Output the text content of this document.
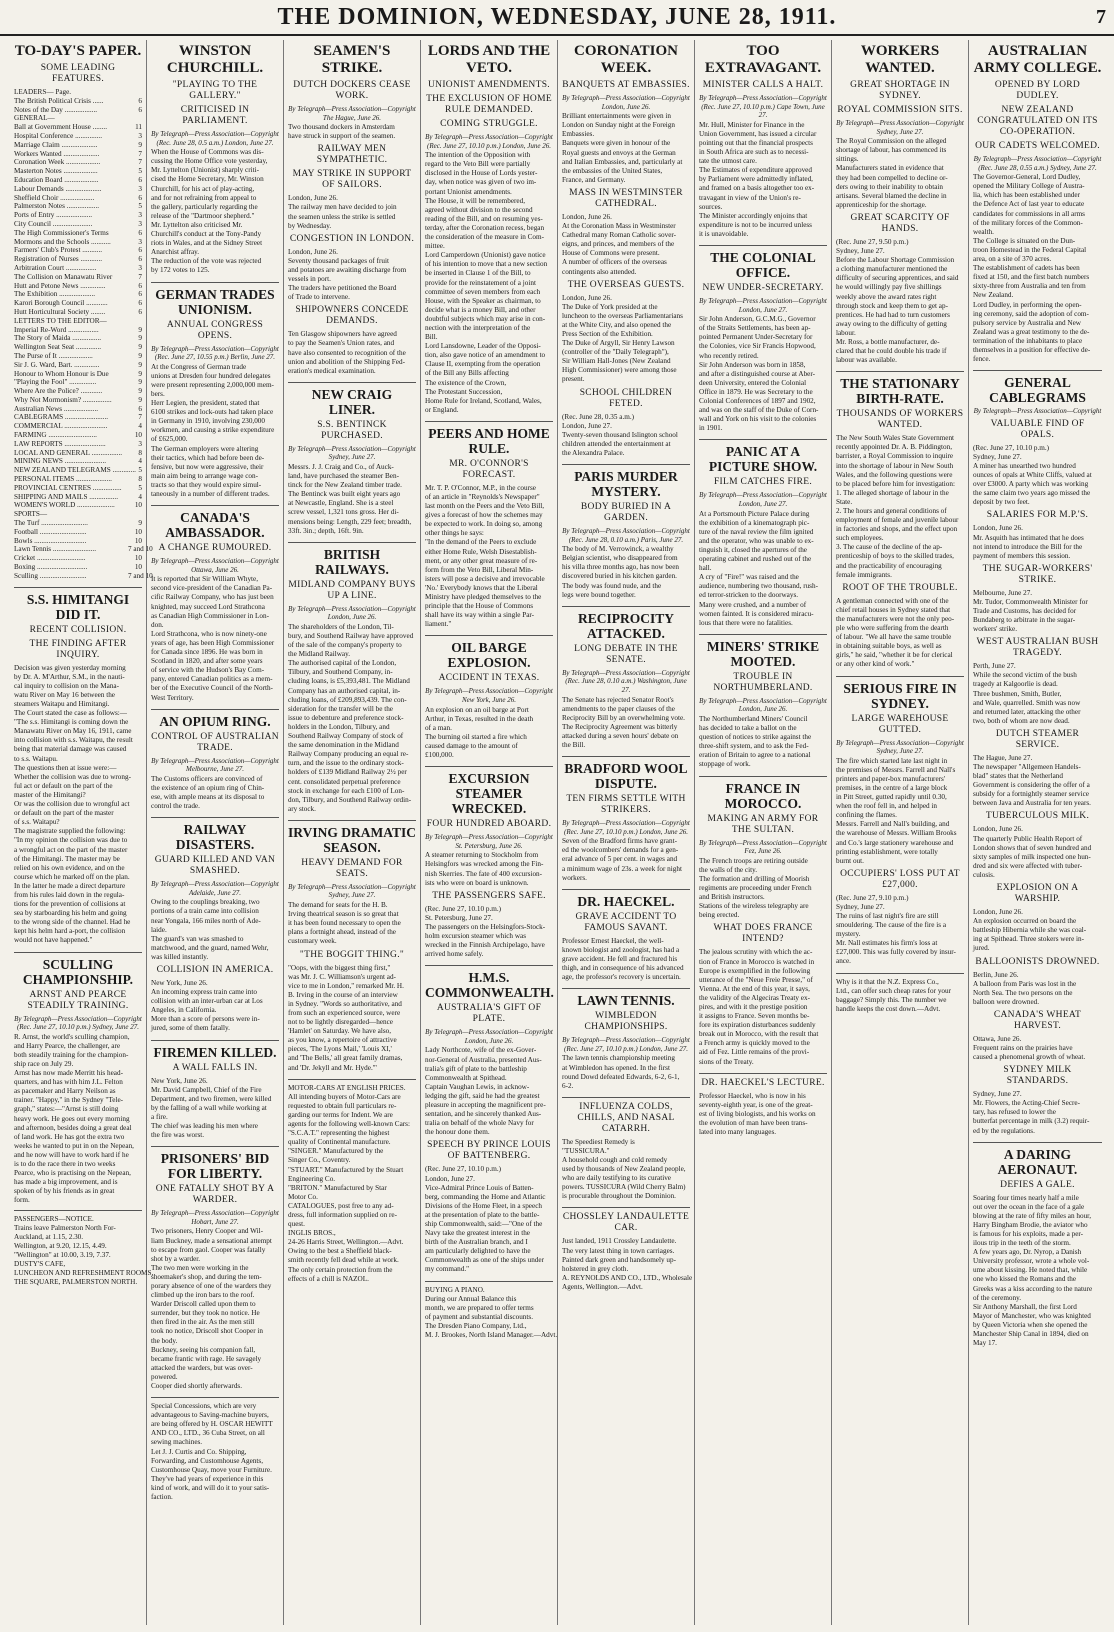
THE DOMINION, WEDNESDAY, JUNE 28, 1911.	7
TO-DAY'S PAPER.
SOME LEADING FEATURES.
LEADERS— Page.
The British Political Crisis ......	6
Notes of the Day ..................	6
GENERAL—
Ball at Government House ........	11
Hospital Conference ...............	3
Marriage Claim ....................	9
Workers Wanted ....................	7
Coronation Week ...................	7
Masterton Notes ...................	5
Education Board ...................	6
Labour Demands ....................	3
Sheffield Choir ...................	6
Palmerston Notes ..................	5
Ports of Entry ....................	3
City Council ......................	3
The High Commissioner's Terms	6
Mormons and the Schools ...........	3
Farmers' Club's Protest ...........	6
Registration of Nurses ............	6
Arbitration Court .................	3
The Collision on Manawatu River	7
Hutt and Petone News ..............	6
The Exhibition ....................	6
Karori Borough Council ............	6
Hutt Horticultural Society ........	6
LETTERS TO THE EDITOR—
Imperial Re-Word .................	9
The Story of Maida ................	9
Wellington Seat Seat ..............	9
The Purse of It ...................	9
Sir J. G. Ward, Bart. ..............	9
Honour to Whom Honour is Due	9
"Playing the Fool" ...............	9
Where Are the Police? ............	9
Why Not Mormonism? ................	9
Australian News ...................	6
CABLEGRAMS ........................	7
COMMERCIAL ........................	4
FARMING ...........................	10
LAW REPORTS .......................	3
LOCAL AND GENERAL .................	8
MINING NEWS .......................	4
NEW ZEALAND TELEGRAMS ............. 5
PERSONAL ITEMS ....................	8
PROVINCIAL CENTRES ................	5
SHIPPING AND MAILS ................	4
WOMEN'S WORLD .....................	10
SPORTS—
The Turf ..........................	9
Football ..........................	10
Bowls .............................	10
Lawn Tennis ........................	7 and 10
Cricket ...........................	10
Boxing ............................	10
Sculling ..........................	7 and 10
S.S. HIMITANGI DID IT.
RECENT COLLISION.
THE FINDING AFTER INQUIRY.
Decision was given yesterday morning
by Dr. A. M'Arthur, S.M., in the nauti-
cal inquiry to collision on the Mana-
watu River on May 16 between the
steamers Waitapu and Himitangi.
The Court stated the case as follows:—
"The s.s. Himitangi is coming down the
Manawatu River on May 16, 1911, came
into collision with s.s. Waitapu, the result
being that material damage was caused
to s.s. Waitapu.
The questions then at issue were:—
Whether the collision was due to wrong-
ful act or default on the part of the
master of the Himitangi?
Or was the collision due to wrongful act
or default on the part of the master
of s.s. Waitapu?
The magistrate supplied the following:
"In my opinion the collision was due to
a wrongful act on the part of the master
of the Himitangi. The master may be
relied on his own evidence, and on the
course which he marked off on the plan.
In the latter he made a direct departure
from his rules laid down in the regula-
tions for the prevention of collisions at
sea by starboarding his helm and going
to the wrong side of the channel. Had he
kept his helm hard a-port, the collision
would not have happened."
SCULLING CHAMPIONSHIP.
ARNST AND PEARCE STEADILY TRAINING.
By Telegraph—Press Association—Copyright (Rec. June 27, 10.10 p.m.) Sydney, June 27.
R. Arnst, the world's sculling champion,
and Harry Pearce, the challenger, are
both steadily training for the champion-
ship race on July 29.
Arnst has now made Merritt his head-
quarters, and has with him J.L. Felton
as pacemaker and Harry Neilson as
trainer. "Happy," in the Sydney "Tele-
graph," states:—"Arnst is still doing
heavy work. He goes out every morning
and afternoon, besides doing a great deal
of land work. He has got the extra two
weeks he wanted to put in on the Nepean,
and he now will have to work hard if he
is to do the race there in two weeks
Pearce, who is practising on the Nepean,
has made a big improvement, and is
spoken of by his friends as in great
form.
PASSENGERS—NOTICE.
Trains leave Palmerston North For-
Auckland, at 1.15, 2.30.
Wellington, at 9.20, 12.15, 4.49.
"Wellington" at 10.00, 3.19, 7.37.
DUSTY'S CAFE,
LUNCHEON AND REFRESHMENT ROOMS,
THE SQUARE, PALMERSTON NORTH.
WINSTON CHURCHILL.
"PLAYING TO THE GALLERY."
CRITICISED IN PARLIAMENT.
By Telegraph—Press Association—Copyright (Rec. June 28, 0.5 a.m.) London, June 27.
When the House of Commons was dis-
cussing the Home Office vote yesterday,
Mr. Lyttelton (Unionist) sharply criti-
cised the Home Secretary, Mr. Winston
Churchill, for his act of play-acting,
and for not refraining from appeal to
the gallery, particularly regarding the
release of the "Dartmoor shepherd."
Mr. Lyttelton also criticised Mr.
Churchill's conduct at the Tony-Pandy
riots in Wales, and at the Sidney Street
Anarchist affray.
The reduction of the vote was rejected
by 172 votes to 125.
GERMAN TRADES UNIONISM.
ANNUAL CONGRESS OPENS.
By Telegraph—Press Association—Copyright (Rec. June 27, 10.55 p.m.) Berlin, June 27.
At the Congress of German trade
unions at Dresden four hundred delegates
were present representing 2,000,000 mem-
bers.
Herr Legien, the president, stated that
6100 strikes and lock-outs had taken place
in Germany in 1910, involving 230,000
workmen, and causing a strike expenditure
of £625,000.
The German employers were altering
their tactics, which had before been de-
fensive, but now were aggressive, their
main aim being to arrange wage con-
tracts so that they would expire simul-
taneously in a number of different trades.
CANADA'S AMBASSADOR.
A CHANGE RUMOURED.
By Telegraph—Press Association—Copyright Ottawa, June 26.
It is reported that Sir William Whyte,
second vice-president of the Canadian Pa-
cific Railway Company, who has just been
knighted, may succeed Lord Strathcona
as Canadian High Commissioner in Lon-
don.
Lord Strathcona, who is now ninety-one
years of age, has been High Commissioner
for Canada since 1896. He was born in
Scotland in 1820, and after some years
of service with the Hudson's Bay Com-
pany, entered Canadian politics as a mem-
ber of the Executive Council of the North-
West Territory.
AN OPIUM RING.
CONTROL OF AUSTRALIAN TRADE.
By Telegraph—Press Association—Copyright Melbourne, June 27.
The Customs officers are convinced of
the existence of an opium ring of Chin-
ese, with ample means at its disposal to
control the trade.
RAILWAY DISASTERS.
GUARD KILLED AND VAN SMASHED.
By Telegraph—Press Association—Copyright Adelaide, June 27.
Owing to the couplings breaking, two
portions of a train came into collision
near Yongala, 166 miles north of Ade-
laide.
The guard's van was smashed to
matchwood, and the guard, named Wehr,
was killed instantly.
COLLISION IN AMERICA.
New York, June 26.
An incoming express train came into
collision with an inter-urban car at Los
Angeles, in California.
More than a score of persons were in-
jured, some of them fatally.
FIREMEN KILLED.
A WALL FALLS IN.
New York, June 26.
Mr. David Campbell, Chief of the Fire
Department, and two firemen, were killed
by the falling of a wall while working at
a fire.
The chief was leading his men where
the fire was worst.
PRISONERS' BID FOR LIBERTY.
ONE FATALLY SHOT BY A WARDER.
By Telegraph—Press Association—Copyright Hobart, June 27.
Two prisoners, Henry Cooper and Wil-
liam Buckney, made a sensational attempt
to escape from gaol. Cooper was fatally
shot by a warder.
The two men were working in the
shoemaker's shop, and during the tem-
porary absence of one of the warders they
climbed up the iron bars to the roof.
Warder Driscoll called upon them to
surrender, but they took no notice. He
then fired in the air. As the men still
took no notice, Driscoll shot Cooper in
the body.
Buckney, seeing his companion fall,
became frantic with rage. He savagely
attacked the warders, but was over-
powered.
Cooper died shortly afterwards.
Special Concessions, which are very
advantageous to Saving-machine buyers,
are being offered by H. OSCAR HEWITT
AND CO., LTD., 36 Cuba Street, on all
sewing machines.
Let J. J. Curtis and Co. Shipping,
Forwarding, and Customhouse Agents,
Customhouse Quay, move your Furniture.
They've had years of experience in this
kind of work, and will do it to your satis-
faction.
SEAMEN'S STRIKE.
DUTCH DOCKERS CEASE WORK.
By Telegraph—Press Association—Copyright The Hague, June 26.
Two thousand dockers in Amsterdam
have struck in support of the seamen.
RAILWAY MEN SYMPATHETIC.
MAY STRIKE IN SUPPORT OF SAILORS.
London, June 26.
The railway men have decided to join
the seamen unless the strike is settled
by Wednesday.
CONGESTION IN LONDON.
London, June 26.
Seventy thousand packages of fruit
and potatoes are awaiting discharge from
vessels in port.
The traders have petitioned the Board
of Trade to intervene.
SHIPOWNERS CONCEDE DEMANDS.
Ten Glasgow shipowners have agreed
to pay the Seamen's Union rates, and
have also consented to recognition of the
union and abolition of the Shipping Fed-
eration's medical examination.
NEW CRAIG LINER.
S.S. BENTINCK PURCHASED.
By Telegraph—Press Association—Copyright Sydney, June 27.
Messrs. J. J. Craig and Co., of Auck-
land, have purchased the steamer Ben-
tinck for the New Zealand timber trade.
The Bentinck was built eight years ago
at Newcastle, England. She is a steel
screw vessel, 1,321 tons gross. Her di-
mensions being: Length, 229 feet; breadth,
33ft. 3in.; depth, 16ft. 9in.
BRITISH RAILWAYS.
MIDLAND COMPANY BUYS UP A LINE.
By Telegraph—Press Association—Copyright London, June 26.
The shareholders of the London, Til-
bury, and Southend Railway have approved
of the sale of the company's property to
the Midland Railway.
The authorised capital of the London,
Tilbury, and Southend Company, in-
cluding loans, is £5,393,481. The Midland
Company has an authorised capital, in-
cluding loans, of £209,893,439. The con-
sideration for the transfer will be the
issue to debenture and preference stock-
holders in the London, Tilbury, and
Southend Railway Company of stock of
the same denomination in the Midland
Railway Company producing an equal re-
turn, and the issue to the ordinary stock-
holders of £139 Midland Railway 2½ per
cent. consolidated perpetual preference
stock in exchange for each £100 of Lon-
don, Tilbury, and Southend Railway ordin-
ary stock.
IRVING DRAMATIC SEASON.
HEAVY DEMAND FOR SEATS.
By Telegraph—Press Association—Copyright Sydney, June 27.
The demand for seats for the H. B.
Irving theatrical season is so great that
it has been found necessary to open the
plans a fortnight ahead, instead of the
customary week.
"THE BOGGIT THING."
"Oops, with the biggest thing first,"
was Mr. J. C. Williamson's urgent ad-
vice to me in London," remarked Mr. H.
B. Irving in the course of an interview
in Sydney. "Words so authoritative, and
from such an experienced source, were
not to be lightly disregarded—hence
'Hamlet' on Saturday. We have also,
as you know, a repertoire of attractive
pieces, 'The Lyons Mail,' 'Louis XI,'
and 'The Bells,' all great family dramas,
and 'Dr. Jekyll and Mr. Hyde.'"
MOTOR-CARS AT ENGLISH PRICES.
All intending buyers of Motor-Cars are
requested to obtain full particulars re-
garding our terms for Indent. We are
agents for the following well-known Cars:
"S.C.A.T." representing the highest
quality of Continental manufacture.
"SINGER." Manufactured by the
Singer Co., Coventry.
"STUART." Manufactured by the Stuart
Engineering Co.
"BRITON." Manufactured by Star
Motor Co.
CATALOGUES, post free to any ad-
dress, full information supplied on re-
quest.
INGLIS BROS.,
24-26 Harris Street, Wellington.—Advt.
Owing to the best a Sheffield black-
smith recently fell dead while at work.
The only certain protection from the
effects of a chill is NAZOL.
LORDS AND THE VETO.
UNIONIST AMENDMENTS.
THE EXCLUSION OF HOME RULE DEMANDED.
COMING STRUGGLE.
By Telegraph—Press Association—Copyright (Rec. June 27, 10.10 p.m.) London, June 26.
The intention of the Opposition with
regard to the Veto Bill were partially
disclosed in the House of Lords yester-
day, when notice was given of two im-
portant Unionist amendments.
The House, it will be remembered,
agreed without division to the second
reading of the Bill, and on resuming yes-
terday, after the Coronation recess, began
the consideration of the measure in Com-
mittee.
Lord Camperdown (Unionist) gave notice
of his intention to move that a new section
be inserted in Clause 1 of the Bill, to
provide for the reinstatement of a joint
committee of seven members from each
House, with the Speaker as chairman, to
decide what is a money Bill, and other
doubtful subjects which may arise in con-
nection with the interpretation of the
Bill.
Lord Lansdowne, Leader of the Opposi-
tion, also gave notice of an amendment to
Clause II, exempting from the operation
of the Bill any Bills affecting
The existence of the Crown,
The Protestant Succession,
Home Rule for Ireland, Scotland, Wales,
or England.
PEERS AND HOME RULE.
MR. O'CONNOR'S FORECAST.
Mr. T. P. O'Connor, M.P., in the course
of an article in "Reynolds's Newspaper"
last month on the Peers and the Veto Bill,
gives a forecast of how the schemes may
be expected to work. In doing so, among
other things he says:
"In the demand of the Peers to exclude
either Home Rule, Welsh Disestablish-
ment, or any other great measure of re-
form from the Veto Bill, Liberal Min-
isters will pose a decisive and irrevocable
'No.' Everybody knows that the Liberal
Ministry have pledged themselves to the
principle that the House of Commons
shall have its way within a single Par-
liament."
OIL BARGE EXPLOSION.
ACCIDENT IN TEXAS.
By Telegraph—Press Association—Copyright New York, June 26.
An explosion on an oil barge at Port
Arthur, in Texas, resulted in the death
of a man.
The burning oil started a fire which
caused damage to the amount of
£100,000.
EXCURSION STEAMER WRECKED.
FOUR HUNDRED ABOARD.
By Telegraph—Press Association—Copyright St. Petersburg, June 26.
A steamer returning to Stockholm from
Helsingfors was wrecked among the Fin-
nish Skerries. The fate of 400 excursion-
ists who were on board is unknown.
THE PASSENGERS SAFE.
(Rec. June 27, 10.10 p.m.)
St. Petersburg, June 27.
The passengers on the Helsingfors-Stock-
holm excursion steamer which was
wrecked in the Finnish Archipelago, have
arrived home safely.
H.M.S. COMMONWEALTH.
AUSTRALIA'S GIFT OF PLATE.
By Telegraph—Press Association—Copyright London, June 26.
Lady Northcote, wife of the ex-Gover-
nor-General of Australia, presented Aus-
tralia's gift of plate to the battleship
Commonwealth at Spithead.
Captain Vaughan Lewis, in acknow-
ledging the gift, said he had the greatest
pleasure in accepting the magnificent pre-
sentation, and he sincerely thanked Aus-
tralia on behalf of the whole Navy for
the honour done them.
SPEECH BY PRINCE LOUIS OF BATTENBERG.
(Rec. June 27, 10.10 p.m.)
London, June 27.
Vice-Admiral Prince Louis of Batten-
berg, commanding the Home and Atlantic
Divisions of the Home Fleet, in a speech
at the presentation of plate to the battle-
ship Commonwealth, said:—"One of the
Navy take the greatest interest in the
birth of the Australian branch, and I
am particularly delighted to have the
Commonwealth as one of the ships under
my command."
BUYING A PIANO.
During our Annual Balance this
month, we are prepared to offer terms
of payment and substantial discounts.
The Dresden Piano Company, Ltd.,
M. J. Brookes, North Island Manager.—Advt.
CORONATION WEEK.
BANQUETS AT EMBASSIES.
By Telegraph—Press Association—Copyright London, June 26.
Brilliant entertainments were given in
London on Sunday night at the Foreign
Embassies.
Banquets were given in honour of the
Royal guests and envoys at the German
and Italian Embassies, and, particularly at
the embassies of the United States,
France, and Germany.
MASS IN WESTMINSTER CATHEDRAL.
London, June 26.
At the Coronation Mass in Westminster
Cathedral many Roman Catholic sover-
eigns, and princes, and members of the
House of Commons were present.
A number of officers of the overseas
contingents also attended.
THE OVERSEAS GUESTS.
London, June 26.
The Duke of York presided at the
luncheon to the overseas Parliamentarians
at the White City, and also opened the
Press Section of the Exhibition.
The Duke of Argyll, Sir Henry Lawson
(controller of the "Daily Telegraph"),
Sir William Hall-Jones (New Zealand
High Commissioner) were among those
present.
SCHOOL CHILDREN FETED.
(Rec. June 28, 0.35 a.m.)
London, June 27.
Twenty-seven thousand Islington school
children attended the entertainment at
the Alexandra Palace.
PARIS MURDER MYSTERY.
BODY BURIED IN A GARDEN.
By Telegraph—Press Association—Copyright (Rec. June 28, 0.10 a.m.) Paris, June 27.
The body of M. Verrowinck, a wealthy
Belgian scientist, who disappeared from
his villa three months ago, has now been
discovered buried in his kitchen garden.
The body was found nude, and the
legs were bound together.
RECIPROCITY ATTACKED.
LONG DEBATE IN THE SENATE.
By Telegraph—Press Association—Copyright (Rec. June 28, 0.10 a.m.) Washington, June 27.
The Senate has rejected Senator Root's
amendments to the paper clauses of the
Reciprocity Bill by an overwhelming vote.
The Reciprocity Agreement was bitterly
attacked during a seven hours' debate on
the Bill.
BRADFORD WOOL DISPUTE.
TEN FIRMS SETTLE WITH STRIKERS.
By Telegraph—Press Association—Copyright (Rec. June 27, 10.10 p.m.) London, June 26.
Seven of the Bradford firms have grant-
ed the woolcombers' demands for a gen-
eral advance of 5 per cent. in wages and
a minimum wage of 23s. a week for night
workers.
DR. HAECKEL.
GRAVE ACCIDENT TO FAMOUS SAVANT.
Professor Ernest Haeckel, the well-
known biologist and zoologist, has had a
grave accident. He fell and fractured his
thigh, and in consequence of his advanced
age, the professor's recovery is uncertain.
LAWN TENNIS.
WIMBLEDON CHAMPIONSHIPS.
By Telegraph—Press Association—Copyright (Rec. June 27, 10.10 p.m.) London, June 27.
The lawn tennis championship meeting
at Wimbledon has opened. In the first
round Dowd defeated Edwards, 6-2, 6-1,
6-2.
INFLUENZA COLDS, CHILLS, AND NASAL CATARRH.
The Speediest Remedy is
"TUSSICURA."
A household cough and cold remedy
used by thousands of New Zealand people,
who are daily testifying to its curative
powers. TUSSICURA (Wild Cherry Balm)
is procurable throughout the Dominion.
CHOSSLEY LANDAULETTE CAR.
Just landed, 1911 Crossley Landaulette.
The very latest thing in town carriages.
Painted dark green and handsomely up-
holstered in grey cloth.
A. REYNOLDS AND CO., LTD., Wholesale
Agents, Wellington.—Advt.
TOO EXTRAVAGANT.
MINISTER CALLS A HALT.
By Telegraph—Press Association—Copyright (Rec. June 27, 10.10 p.m.) Cape Town, June 27.
Mr. Hull, Minister for Finance in the
Union Government, has issued a circular
pointing out that the financial prospects
in South Africa are such as to necessi-
tate the utmost care.
The Estimates of expenditure approved
by Parliament were admittedly inflated,
and framed on a basis altogether too ex-
travagant in view of the Union's re-
sources.
The Minister accordingly enjoins that
expenditure is not to be incurred unless
it is unavoidable.
THE COLONIAL OFFICE.
NEW UNDER-SECRETARY.
By Telegraph—Press Association—Copyright London, June 27.
Sir John Anderson, G.C.M.G., Governor
of the Straits Settlements, has been ap-
pointed Permanent Under-Secretary for
the Colonies, vice Sir Francis Hopwood,
who recently retired.
Sir John Anderson was born in 1858,
and after a distinguished course at Aber-
deen University, entered the Colonial
Office in 1879. He was Secretary to the
Colonial Conferences of 1897 and 1902,
and was on the staff of the Duke of Corn-
wall and York on his visit to the colonies
in 1901.
PANIC AT A PICTURE SHOW.
FILM CATCHES FIRE.
By Telegraph—Press Association—Copyright London, June 27.
At a Portsmouth Picture Palace during
the exhibition of a kinematograph pic-
ture of the naval review the film ignited
and the operator, who was unable to ex-
tinguish it, closed the apertures of the
operating cabinet and rushed out of the
hall.
A cry of "Fire!" was raised and the
audience, numbering two thousand, rush-
ed terror-stricken to the doorways.
Many were crushed, and a number of
women fainted. It is considered miracu-
lous that there were no fatalities.
MINERS' STRIKE MOOTED.
TROUBLE IN NORTHUMBERLAND.
By Telegraph—Press Association—Copyright London, June 26.
The Northumberland Miners' Council
has decided to take a ballot on the
question of notices to strike against the
three-shift system, and to ask the Fed-
eration of Britain to agree to a national
stoppage of work.
FRANCE IN MOROCCO.
MAKING AN ARMY FOR THE SULTAN.
By Telegraph—Press Association—Copyright Fez, June 26.
The French troops are retiring outside
the walls of the city.
The formation and drilling of Moorish
regiments are proceeding under French
and British instructors.
Stations of the wireless telegraphy are
being erected.
WHAT DOES FRANCE INTEND?
The jealous scrutiny with which the ac-
tion of France in Morocco is watched in
Europe is exemplified in the following
utterance of the "Neue Freie Presse," of
Vienna. At the end of this year, it says,
the validity of the Algeciras Treaty ex-
pires, and with it the prestige position
it assigns to France. Seven months be-
fore its expiration disturbances suddenly
break out in Morocco, with the result that
a French army is quickly moved to the
aid of Fez. Little remains of the provi-
sions of the Treaty.
DR. HAECKEL'S LECTURE.
Professor Haeckel, who is now in his
seventy-eighth year, is one of the great-
est of living biologists, and his works on
the evolution of man have been trans-
lated into many languages.
WORKERS WANTED.
GREAT SHORTAGE IN SYDNEY.
ROYAL COMMISSION SITS.
By Telegraph—Press Association—Copyright Sydney, June 27.
The Royal Commission on the alleged
shortage of labour, has commenced its
sittings.
Manufacturers stated in evidence that
they had been compelled to decline or-
ders owing to their inability to obtain
artisans. Several blamed the decline in
apprenticeship for the shortage.
GREAT SCARCITY OF HANDS.
(Rec. June 27, 9.50 p.m.)
Sydney, June 27.
Before the Labour Shortage Commission
a clothing manufacturer mentioned the
difficulty of securing apprentices, and said
he would willingly pay five shillings
weekly above the award rates right
through stock and keep them to get ap-
prentices. He had had to turn customers
away owing to the difficulty of getting
labour.
Mr. Ross, a bottle manufacturer, de-
clared that he could double his trade if
labour was available.
THE STATIONARY BIRTH-RATE.
THOUSANDS OF WORKERS WANTED.
The New South Wales State Government
recently appointed Dr. A. B. Piddington,
barrister, a Royal Commission to inquire
into the shortage of labour in New South
Wales, and the following questions were
to be placed before him for investigation:
1. The alleged shortage of labour in the
State.
2. The hours and general conditions of
employment of female and juvenile labour
in factories and shops, and the effect upon
such employees.
3. The cause of the decline of the ap-
prenticeship of boys to the skilled trades,
and the practicability of encouraging
female immigrants.
ROOT OF THE TROUBLE.
A gentleman connected with one of the
chief retail houses in Sydney stated that
the manufacturers were not the only peo-
ple who were suffering from the dearth
of labour. "We all have the same trouble
in obtaining suitable boys, as well as
girls," he said, "whether it be for clerical
or any other kind of work."
SERIOUS FIRE IN SYDNEY.
LARGE WAREHOUSE GUTTED.
By Telegraph—Press Association—Copyright Sydney, June 27.
The fire which started late last night in
the premises of Messrs. Farrell and Nall's
printers and paper-box manufacturers'
premises, in the centre of a large block
in Pitt Street, gutted rapidly until 0.30,
when the roof fell in, and helped in
confining the flames.
Messrs. Farrell and Nall's building, and
the warehouse of Messrs. William Brooks
and Co.'s large stationery warehouse and
printing establishment, were totally
burnt out.
OCCUPIERS' LOSS PUT AT £27,000.
(Rec. June 27, 9.10 p.m.)
Sydney, June 27.
The ruins of last night's fire are still
smouldering. The cause of the fire is a
mystery.
Mr. Nall estimates his firm's loss at
£27,000. This was fully covered by insur-
ance.
Why is it that the N.Z. Express Co.,
Ltd., can offer such cheap rates for your
baggage? Simply this. The number we
handle keeps the cost down.—Advt.
AUSTRALIAN ARMY COLLEGE.
OPENED BY LORD DUDLEY.
NEW ZEALAND CONGRATULATED ON ITS CO-OPERATION.
OUR CADETS WELCOMED.
By Telegraph—Press Association—Copyright (Rec. June 28, 0.55 a.m.) Sydney, June 27.
The Governor-General, Lord Dudley,
opened the Military College of Austra-
lia, which has been established under
the Defence Act of last year to educate
candidates for commissions in all arms
of the military forces of the Common-
wealth.
The College is situated on the Dun-
troon Homestead in the Federal Capital
area, on a site of 370 acres.
The establishment of cadets has been
fixed at 150, and the first batch numbers
sixty-three from Australia and ten from
New Zealand.
Lord Dudley, in performing the open-
ing ceremony, said the adoption of com-
pulsory service by Australia and New
Zealand was a great testimony to the de-
termination of the inhabitants to place
themselves in a position for effective de-
fence.
GENERAL CABLEGRAMS
By Telegraph—Press Association—Copyright
VALUABLE FIND OF OPALS.
(Rec. June 27, 10.10 p.m.)
Sydney, June 27.
A miner has unearthed two hundred
ounces of opals at White Cliffs, valued at
over £3000. A party which was working
the same claim two years ago missed the
deposit by two feet.
SALARIES FOR M.P.'S.
London, June 26.
Mr. Asquith has intimated that he does
not intend to introduce the Bill for the
payment of members this session.
THE SUGAR-WORKERS' STRIKE.
Melbourne, June 27.
Mr. Tudor, Commonwealth Minister for
Trade and Customs, has decided for
Bundaberg to arbitrate in the sugar-
workers' strike.
WEST AUSTRALIAN BUSH TRAGEDY.
Perth, June 27.
While the second victim of the bush
tragedy at Kalgoorlie is dead.
Three bushmen, Smith, Butler,
and Wale, quarrelled. Smith was now
and returned later, attacking the other
two, both of whom are now dead.
DUTCH STEAMER SERVICE.
The Hague, June 27.
The newspaper "Allgemeen Handels-
blad" states that the Netherland
Government is considering the offer of a
subsidy for a fortnightly steamer service
between Java and Australia for ten years.
TUBERCULOUS MILK.
London, June 26.
The quarterly Public Health Report of
London shows that of seven hundred and
sixty samples of milk inspected one hun-
dred and six were affected with tuber-
culosis.
EXPLOSION ON A WARSHIP.
London, June 26.
An explosion occurred on board the
battleship Hibernia while she was coal-
ing at Spithead. Three stokers were in-
jured.
BALLOONISTS DROWNED.
Berlin, June 26.
A balloon from Paris was lost in the
North Sea. The two persons on the
balloon were drowned.
CANADA'S WHEAT HARVEST.
Ottawa, June 26.
Frequent rains on the prairies have
caused a phenomenal growth of wheat.
SYDNEY MILK STANDARDS.
Sydney, June 27.
Mr. Flowers, the Acting-Chief Secre-
tary, has refused to lower the
butterfat percentage in milk (3.2) requir-
ed by the regulations.
A DARING AERONAUT.
DEFIES A GALE.
Soaring four times nearly half a mile
out over the ocean in the face of a gale
blowing at the rate of fifty miles an hour,
Harry Bingham Brodie, the aviator who
is famous for his exploits, made a per-
ilous trip in the teeth of the storm.
A few years ago, Dr. Nyrop, a Danish
University professor, wrote a whole vol-
ume about kissing. He noted that, while
one who kissed the Romans and the
Greeks was a kiss according to the nature
of the ceremony.
Sir Anthony Marshall, the first Lord
Mayor of Manchester, who was knighted
by Queen Victoria when she opened the
Manchester Ship Canal in 1894, died on
May 17.
